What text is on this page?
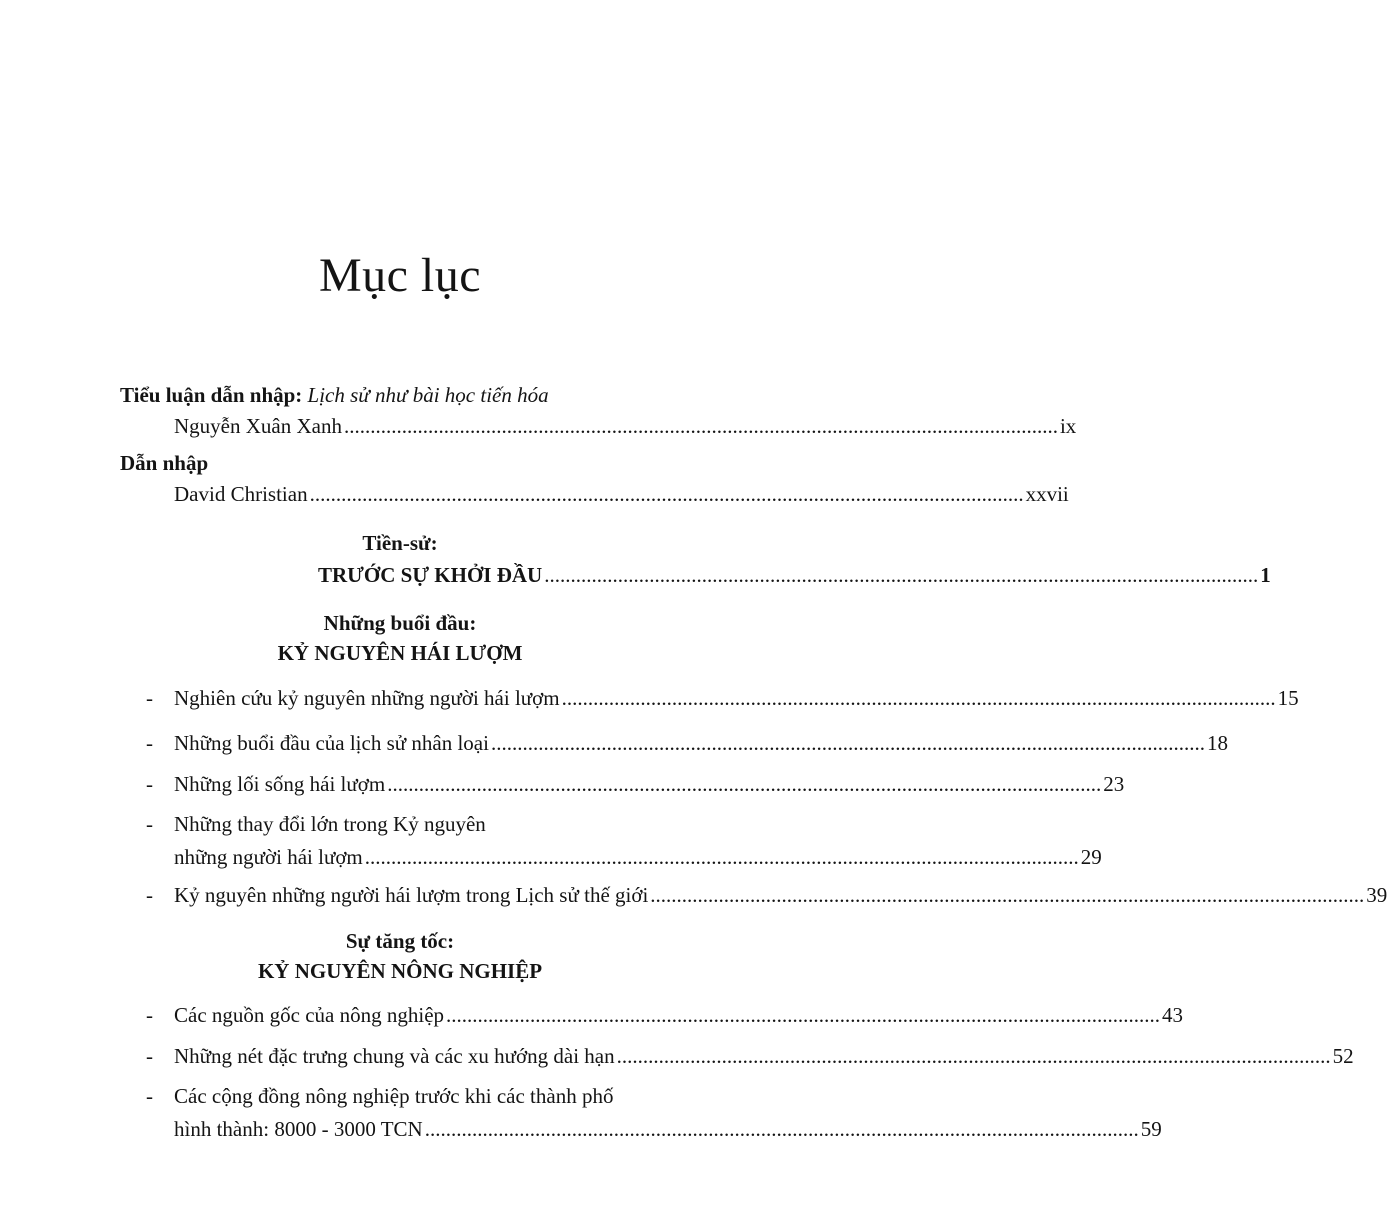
Mục lục
Tiểu luận dẫn nhập: Lịch sử như bài học tiến hóa
Nguyễn Xuân Xanh ........................................................................................................................................ ix
Dẫn nhập
David Christian ........................................................................................................................................ xxvii
Tiền-sử:
TRƯỚC SỰ KHỞI ĐẦU ........................................................................................................................................ 1
Những buổi đầu:
KỶ NGUYÊN HÁI LƯỢM
- Nghiên cứu kỷ nguyên những người hái lượm ........................................................................................................................................ 15
- Những buổi đầu của lịch sử nhân loại ........................................................................................................................................ 18
- Những lối sống hái lượm ........................................................................................................................................ 23
- Những thay đổi lớn trong Kỷ nguyên
những người hái lượm ........................................................................................................................................ 29
- Kỷ nguyên những người hái lượm trong Lịch sử thế giới ........................................................................................................................................ 39
Sự tăng tốc:
KỶ NGUYÊN NÔNG NGHIỆP
- Các nguồn gốc của nông nghiệp ........................................................................................................................................ 43
- Những nét đặc trưng chung và các xu hướng dài hạn ........................................................................................................................................ 52
- Các cộng đồng nông nghiệp trước khi các thành phố
hình thành: 8000 - 3000 TCN ........................................................................................................................................ 59
